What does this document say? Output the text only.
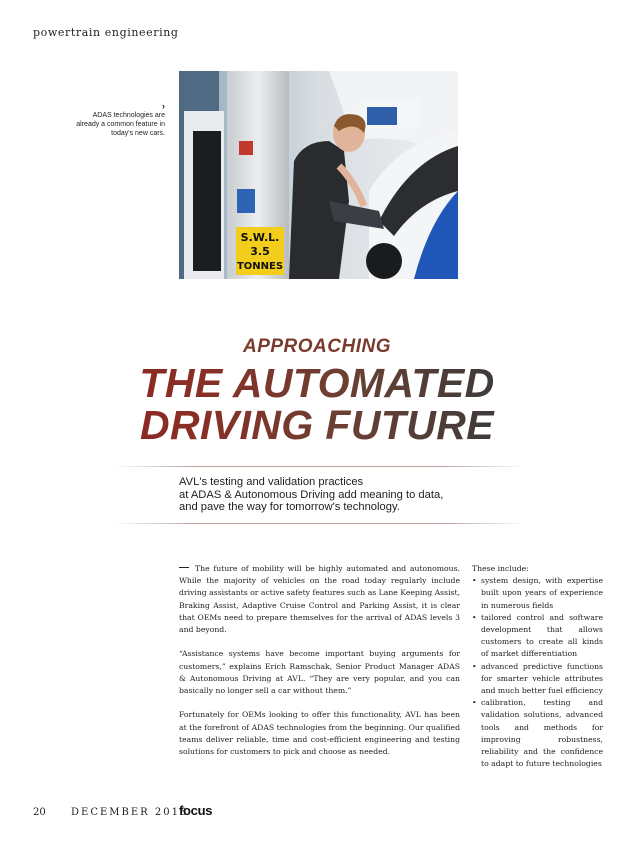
powertrain engineering
S.W.L.
3.5
TONNES
›
ADAS technologies are already a common feature in today's new cars.
APPROACHING
THE AUTOMATED
DRIVING FUTURE

AVL's testing and validation practices

at ADAS & Autonomous Driving add meaning to data,

and pave the way for tomorrow's technology.

The future of mobility will be highly automated and autonomous. While the majority of vehicles on the road today regularly include driving assistants or active safety features such as Lane Keeping Assist, Braking Assist, Adaptive Cruise Control and Parking Assist, it is clear that OEMs need to prepare themselves for the arrival of ADAS levels 3 and beyond.

“Assistance systems have become important buying arguments for customers,” explains Erich Ramschak, Senior Product Manager ADAS & Autonomous Driving at AVL. “They are very popular, and you can basically no longer sell a car without them.”

Fortunately for OEMs looking to offer this functionality, AVL has been at the forefront of ADAS technologies from the beginning. Our qualified teams deliver reliable, time and cost-efficient engineering and testing solutions for customers to pick and choose as needed.

These include:
• system design, with expertise built upon years of experience in numerous fields
• tailored control and software development that allows customers to create all kinds of market differentiation
• advanced predictive functions for smarter vehicle attributes and much better fuel efficiency
• calibration, testing and validation solutions, advanced tools and methods for improving robustness, reliability and the confidence to adapt to future technologies
20	DECEMBER 2018
focus
